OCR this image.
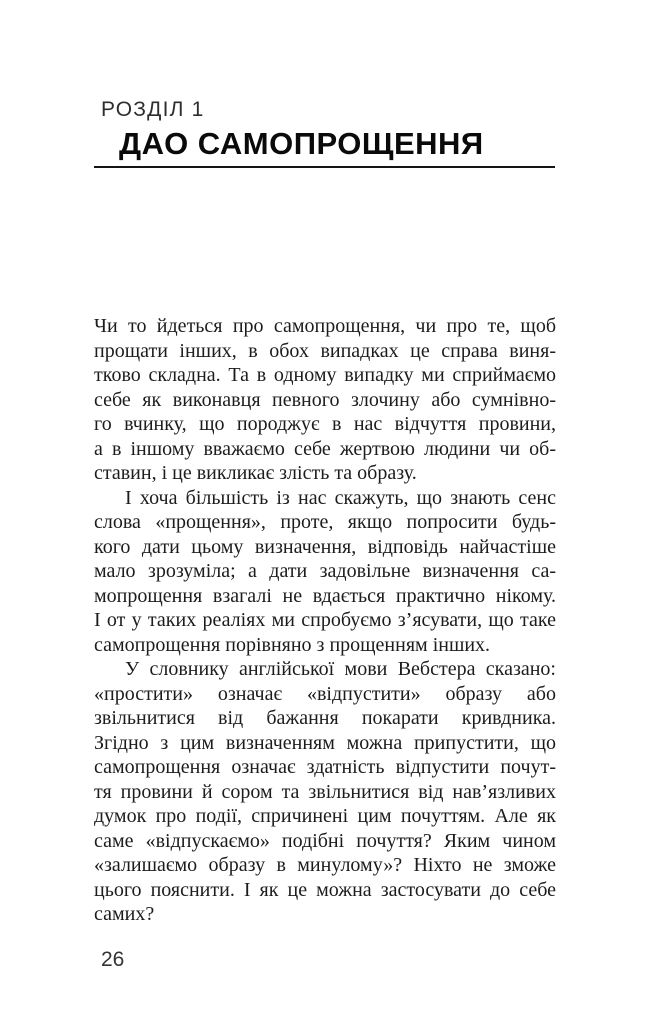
РОЗДІЛ 1
ДАО САМОПРОЩЕННЯ
Чи то йдеться про самопрощення, чи про те, щоб
прощати інших, в обох випадках це справа виня-
тково складна. Та в одному випадку ми сприймаємо
себе як виконавця певного злочину або сумнівно-
го вчинку, що породжує в нас відчуття провини,
а в іншому вважаємо себе жертвою людини чи об-
ставин, і це викликає злість та образу.
І хоча більшість із нас скажуть, що знають сенс
слова «прощення», проте, якщо попросити будь-
кого дати цьому визначення, відповідь найчастіше
мало зрозуміла; а дати задовільне визначення са-
мопрощення взагалі не вдається практично нікому.
І от у таких реаліях ми спробуємо з’ясувати, що таке
самопрощення порівняно з прощенням інших.
У словнику англійської мови Вебстера сказано:
«простити» означає «відпустити» образу або
звільнитися від бажання покарати кривдника.
Згідно з цим визначенням можна припустити, що
самопрощення означає здатність відпустити почут-
тя провини й сором та звільнитися від нав’язливих
думок про події, спричинені цим почуттям. Але як
саме «відпускаємо» подібні почуття? Яким чином
«залишаємо образу в минулому»? Ніхто не зможе
цього пояснити. І як це можна застосувати до себе
самих?
26
